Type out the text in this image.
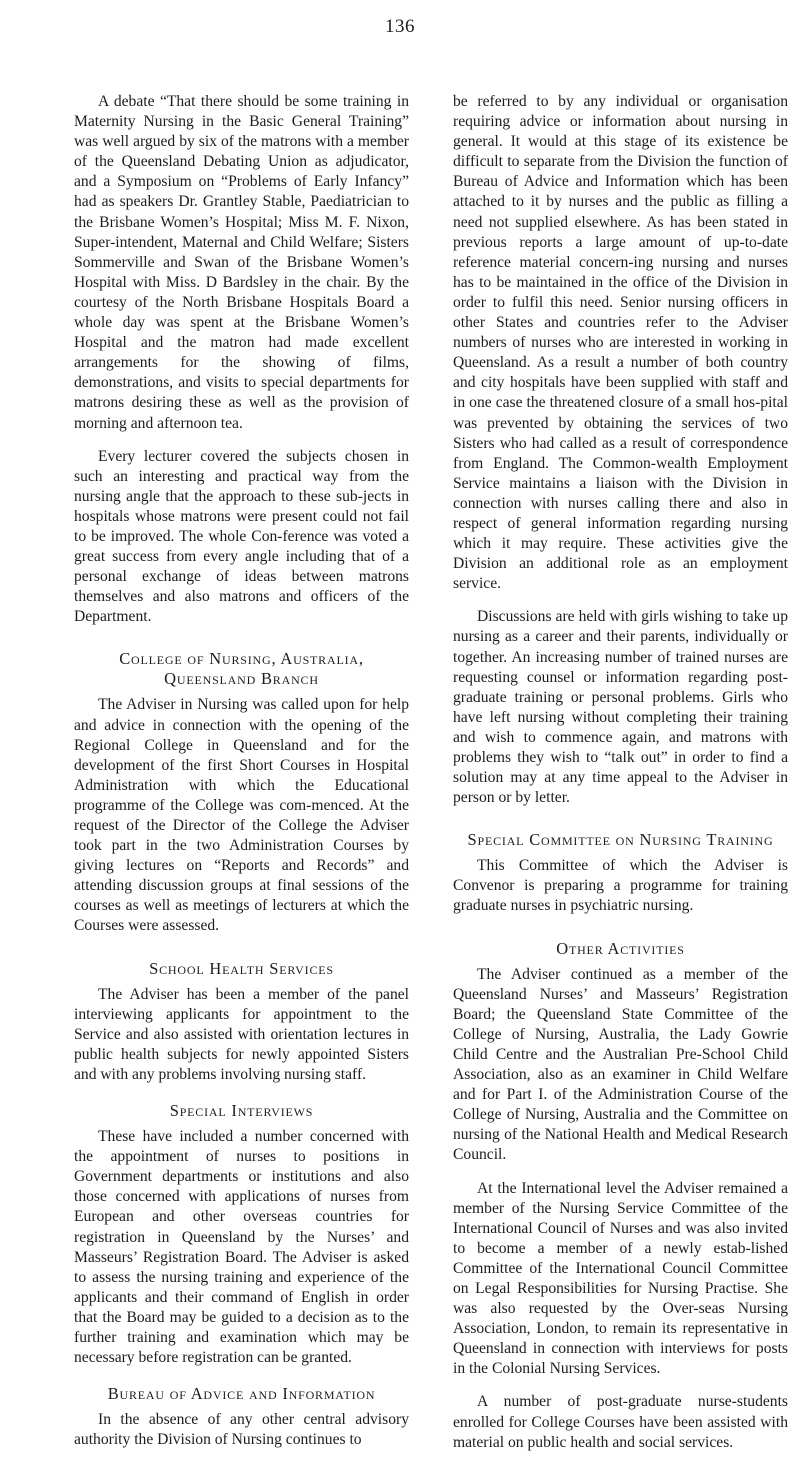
136

A debate “That there should be some training in Maternity Nursing in the Basic General Training” was well argued by six of the matrons with a member of the Queensland Debating Union as adjudicator, and a Symposium on “Problems of Early Infancy” had as speakers Dr. Grantley Stable, Paediatrician to the Brisbane Women’s Hospital; Miss M. F. Nixon, Super-intendent, Maternal and Child Welfare; Sisters Sommerville and Swan of the Brisbane Women’s Hospital with Miss. D Bardsley in the chair. By the courtesy of the North Brisbane Hospitals Board a whole day was spent at the Brisbane Women’s Hospital and the matron had made excellent arrangements for the showing of films, demonstrations, and visits to special departments for matrons desiring these as well as the provision of morning and afternoon tea.

Every lecturer covered the subjects chosen in such an interesting and practical way from the nursing angle that the approach to these sub-jects in hospitals whose matrons were present could not fail to be improved. The whole Con-ference was voted a great success from every angle including that of a personal exchange of ideas between matrons themselves and also matrons and officers of the Department.

College of Nursing, Australia, Queensland Branch

The Adviser in Nursing was called upon for help and advice in connection with the opening of the Regional College in Queensland and for the development of the first Short Courses in Hospital Administration with which the Educational programme of the College was com-menced. At the request of the Director of the College the Adviser took part in the two Administration Courses by giving lectures on “Reports and Records” and attending discussion groups at final sessions of the courses as well as meetings of lecturers at which the Courses were assessed.

School Health Services

The Adviser has been a member of the panel interviewing applicants for appointment to the Service and also assisted with orientation lectures in public health subjects for newly appointed Sisters and with any problems involving nursing staff.

Special Interviews

These have included a number concerned with the appointment of nurses to positions in Government departments or institutions and also those concerned with applications of nurses from European and other overseas countries for registration in Queensland by the Nurses’ and Masseurs’ Registration Board. The Adviser is asked to assess the nursing training and experience of the applicants and their command of English in order that the Board may be guided to a decision as to the further training and examination which may be necessary before registration can be granted.

Bureau of Advice and Information

In the absence of any other central advisory authority the Division of Nursing continues to

be referred to by any individual or organisation requiring advice or information about nursing in general. It would at this stage of its existence be difficult to separate from the Division the function of Bureau of Advice and Information which has been attached to it by nurses and the public as filling a need not supplied elsewhere. As has been stated in previous reports a large amount of up-to-date reference material concern-ing nursing and nurses has to be maintained in the office of the Division in order to fulfil this need. Senior nursing officers in other States and countries refer to the Adviser numbers of nurses who are interested in working in Queensland. As a result a number of both country and city hospitals have been supplied with staff and in one case the threatened closure of a small hos-pital was prevented by obtaining the services of two Sisters who had called as a result of correspondence from England. The Common-wealth Employment Service maintains a liaison with the Division in connection with nurses calling there and also in respect of general information regarding nursing which it may require. These activities give the Division an additional role as an employment service.

Discussions are held with girls wishing to take up nursing as a career and their parents, individually or together. An increasing number of trained nurses are requesting counsel or information regarding post-graduate training or personal problems. Girls who have left nursing without completing their training and wish to commence again, and matrons with problems they wish to “talk out” in order to find a solution may at any time appeal to the Adviser in person or by letter.

Special Committee on Nursing Training

This Committee of which the Adviser is Convenor is preparing a programme for training graduate nurses in psychiatric nursing.

Other Activities

The Adviser continued as a member of the Queensland Nurses’ and Masseurs’ Registration Board; the Queensland State Committee of the College of Nursing, Australia, the Lady Gowrie Child Centre and the Australian Pre-School Child Association, also as an examiner in Child Welfare and for Part I. of the Administration Course of the College of Nursing, Australia and the Committee on nursing of the National Health and Medical Research Council.

At the International level the Adviser remained a member of the Nursing Service Committee of the International Council of Nurses and was also invited to become a member of a newly estab-lished Committee of the International Council Committee on Legal Responsibilities for Nursing Practise. She was also requested by the Over-seas Nursing Association, London, to remain its representative in Queensland in connection with interviews for posts in the Colonial Nursing Services.

A number of post-graduate nurse-students enrolled for College Courses have been assisted with material on public health and social services.
